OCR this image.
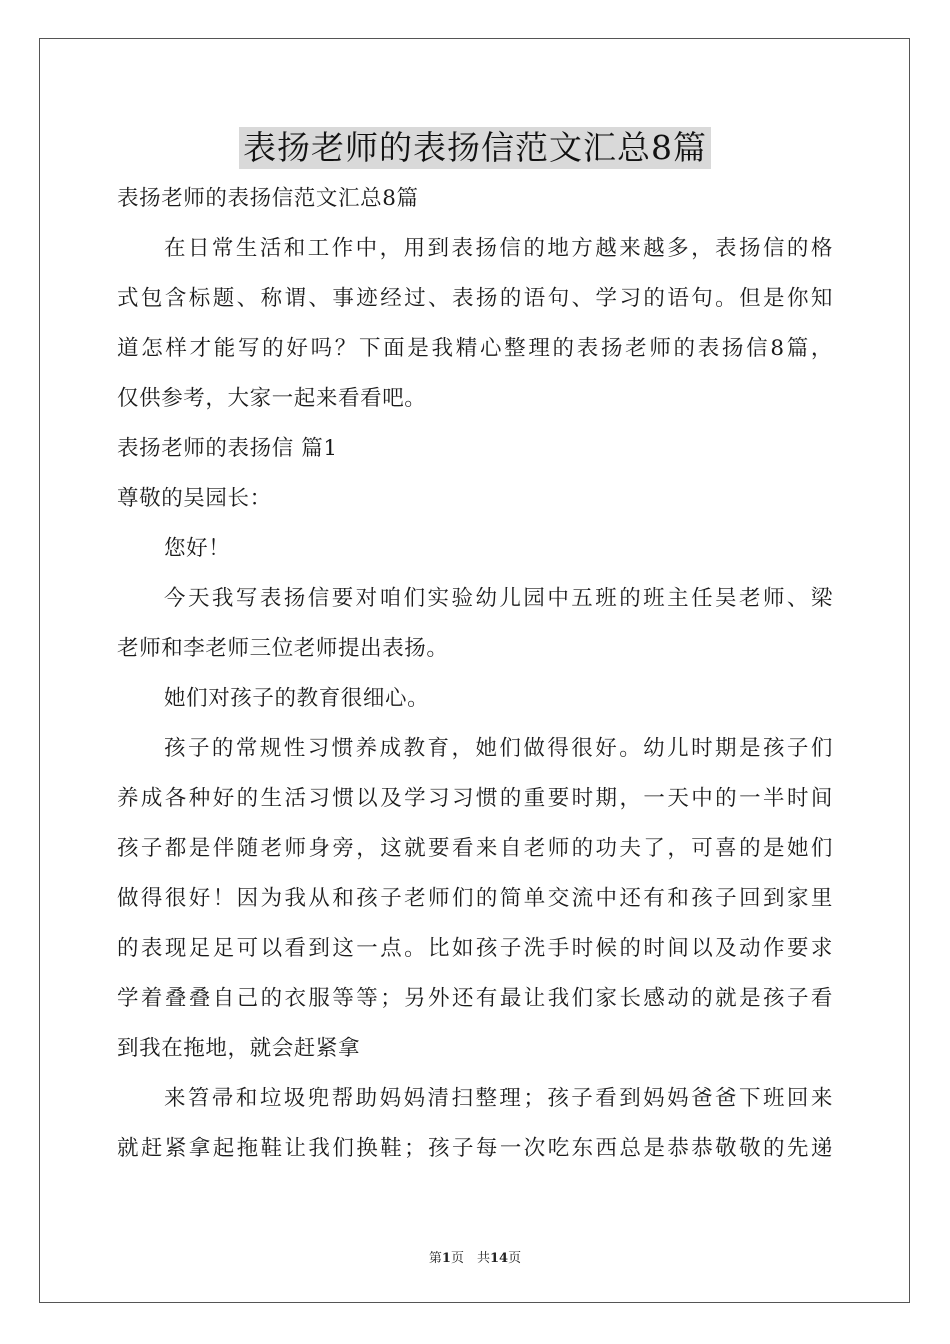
表扬老师的表扬信范文汇总8篇
表扬老师的表扬信范文汇总8篇
在日常生活和工作中，用到表扬信的地方越来越多，表扬信的格
式包含标题、称谓、事迹经过、表扬的语句、学习的语句。但是你知
道怎样才能写的好吗？下面是我精心整理的表扬老师的表扬信8篇，
仅供参考，大家一起来看看吧。
表扬老师的表扬信 篇1
尊敬的吴园长：
您好！
今天我写表扬信要对咱们实验幼儿园中五班的班主任吴老师、梁
老师和李老师三位老师提出表扬。
她们对孩子的教育很细心。
孩子的常规性习惯养成教育，她们做得很好。幼儿时期是孩子们
养成各种好的生活习惯以及学习习惯的重要时期，一天中的一半时间
孩子都是伴随老师身旁，这就要看来自老师的功夫了，可喜的是她们
做得很好！因为我从和孩子老师们的简单交流中还有和孩子回到家里
的表现足足可以看到这一点。比如孩子洗手时候的时间以及动作要求
学着叠叠自己的衣服等等；另外还有最让我们家长感动的就是孩子看
到我在拖地，就会赶紧拿
来笤帚和垃圾兜帮助妈妈清扫整理；孩子看到妈妈爸爸下班回来
就赶紧拿起拖鞋让我们换鞋；孩子每一次吃东西总是恭恭敬敬的先递
第1页　共14页
